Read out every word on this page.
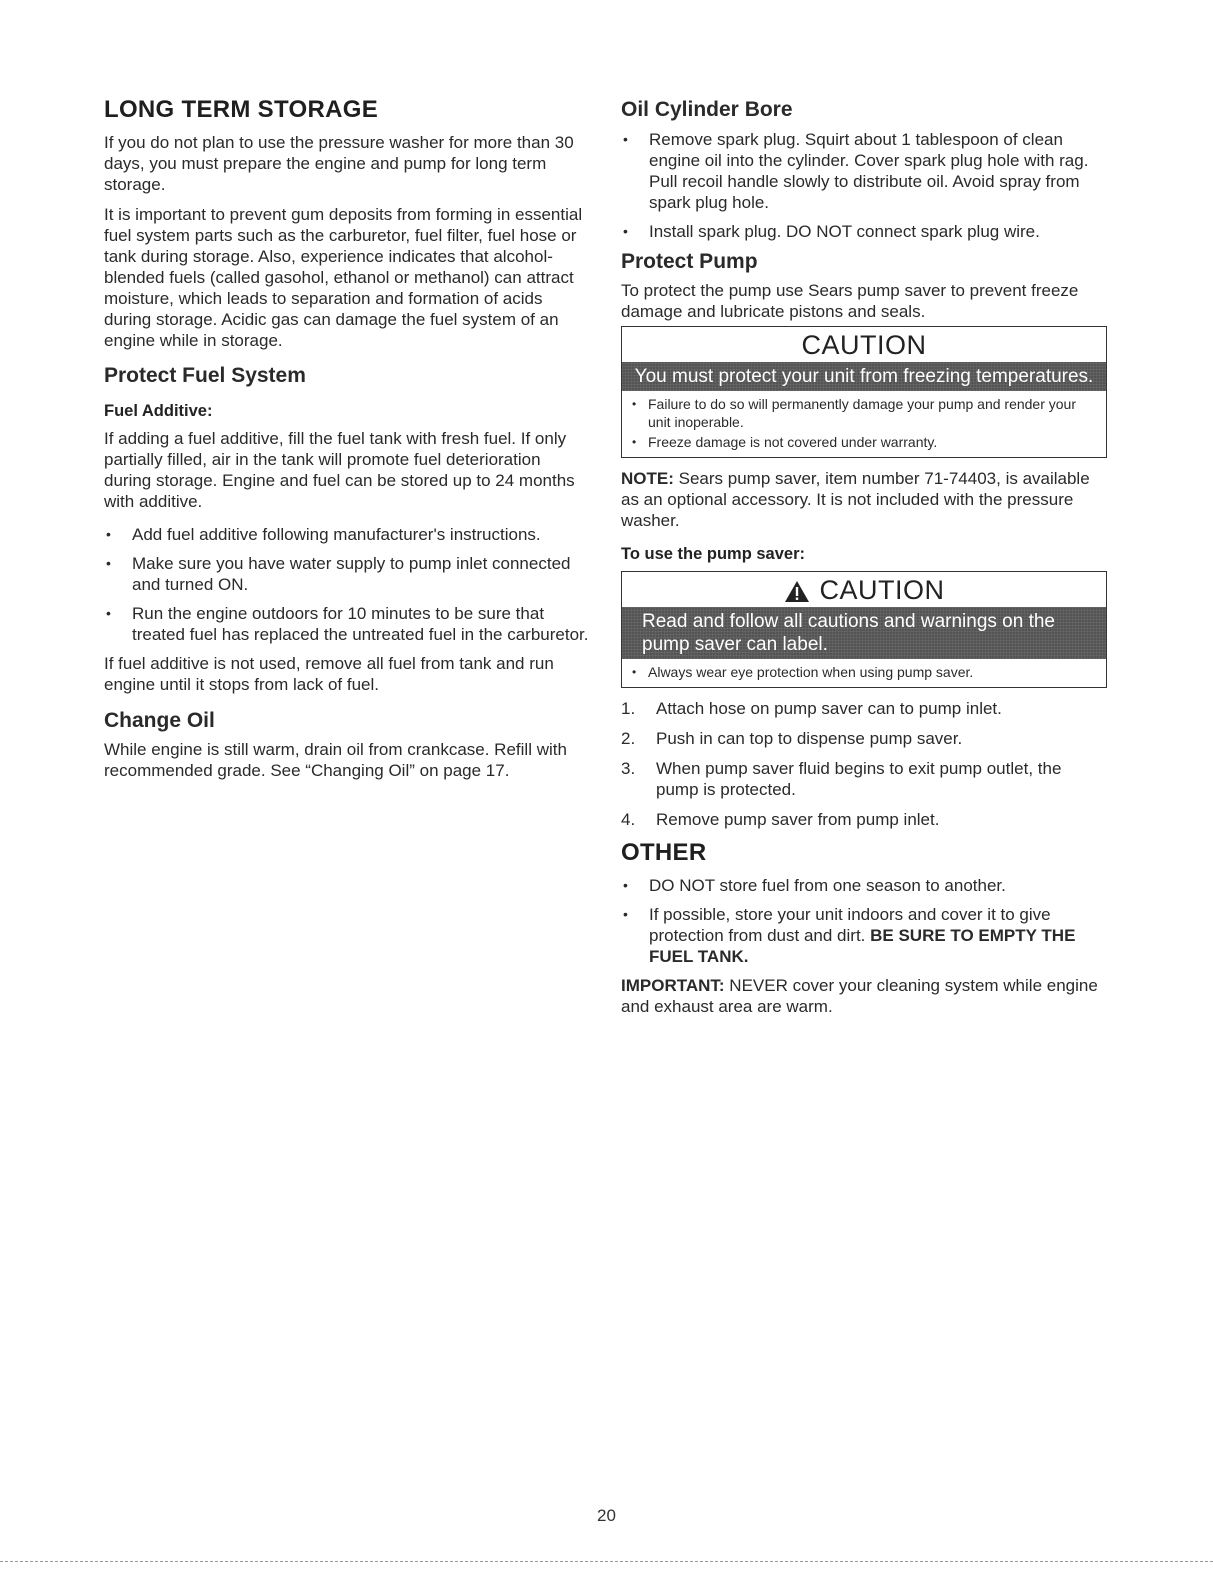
LONG TERM STORAGE

If you do not plan to use the pressure washer for more than 30 days, you must prepare the engine and pump for long term storage.

It is important to prevent gum deposits from forming in essential fuel system parts such as the carburetor, fuel filter, fuel hose or tank during storage. Also, experience indicates that alcohol-blended fuels (called gasohol, ethanol or methanol) can attract moisture, which leads to separation and formation of acids during storage. Acidic gas can damage the fuel system of an engine while in storage.

Protect Fuel System
Fuel Additive:

If adding a fuel additive, fill the fuel tank with fresh fuel. If only partially filled, air in the tank will promote fuel deterioration during storage. Engine and fuel can be stored up to 24 months with additive.

• Add fuel additive following manufacturer's instructions.
• Make sure you have water supply to pump inlet connected and turned ON.
• Run the engine outdoors for 10 minutes to be sure that treated fuel has replaced the untreated fuel in the carburetor.

If fuel additive is not used, remove all fuel from tank and run engine until it stops from lack of fuel.

Change Oil

While engine is still warm, drain oil from crankcase. Refill with recommended grade. See “Changing Oil” on page 17.

Oil Cylinder Bore
• Remove spark plug. Squirt about 1 tablespoon of clean engine oil into the cylinder. Cover spark plug hole with rag. Pull recoil handle slowly to distribute oil. Avoid spray from spark plug hole.
• Install spark plug. DO NOT connect spark plug wire.
Protect Pump

To protect the pump use Sears pump saver to prevent freeze damage and lubricate pistons and seals.

CAUTION
You must protect your unit from freezing temperatures.
• Failure to do so will permanently damage your pump and render your unit inoperable.
• Freeze damage is not covered under warranty.

NOTE: Sears pump saver, item number 71-74403, is available as an optional accessory. It is not included with the pressure washer.

To use the pump saver:
CAUTION
Read and follow all cautions and warnings on the pump saver can label.
• Always wear eye protection when using pump saver.
1. Attach hose on pump saver can to pump inlet.
2. Push in can top to dispense pump saver.
3. When pump saver fluid begins to exit pump outlet, the pump is protected.
4. Remove pump saver from pump inlet.
OTHER
• DO NOT store fuel from one season to another.
• If possible, store your unit indoors and cover it to give protection from dust and dirt. BE SURE TO EMPTY THE FUEL TANK.

IMPORTANT: NEVER cover your cleaning system while engine and exhaust area are warm.

20
